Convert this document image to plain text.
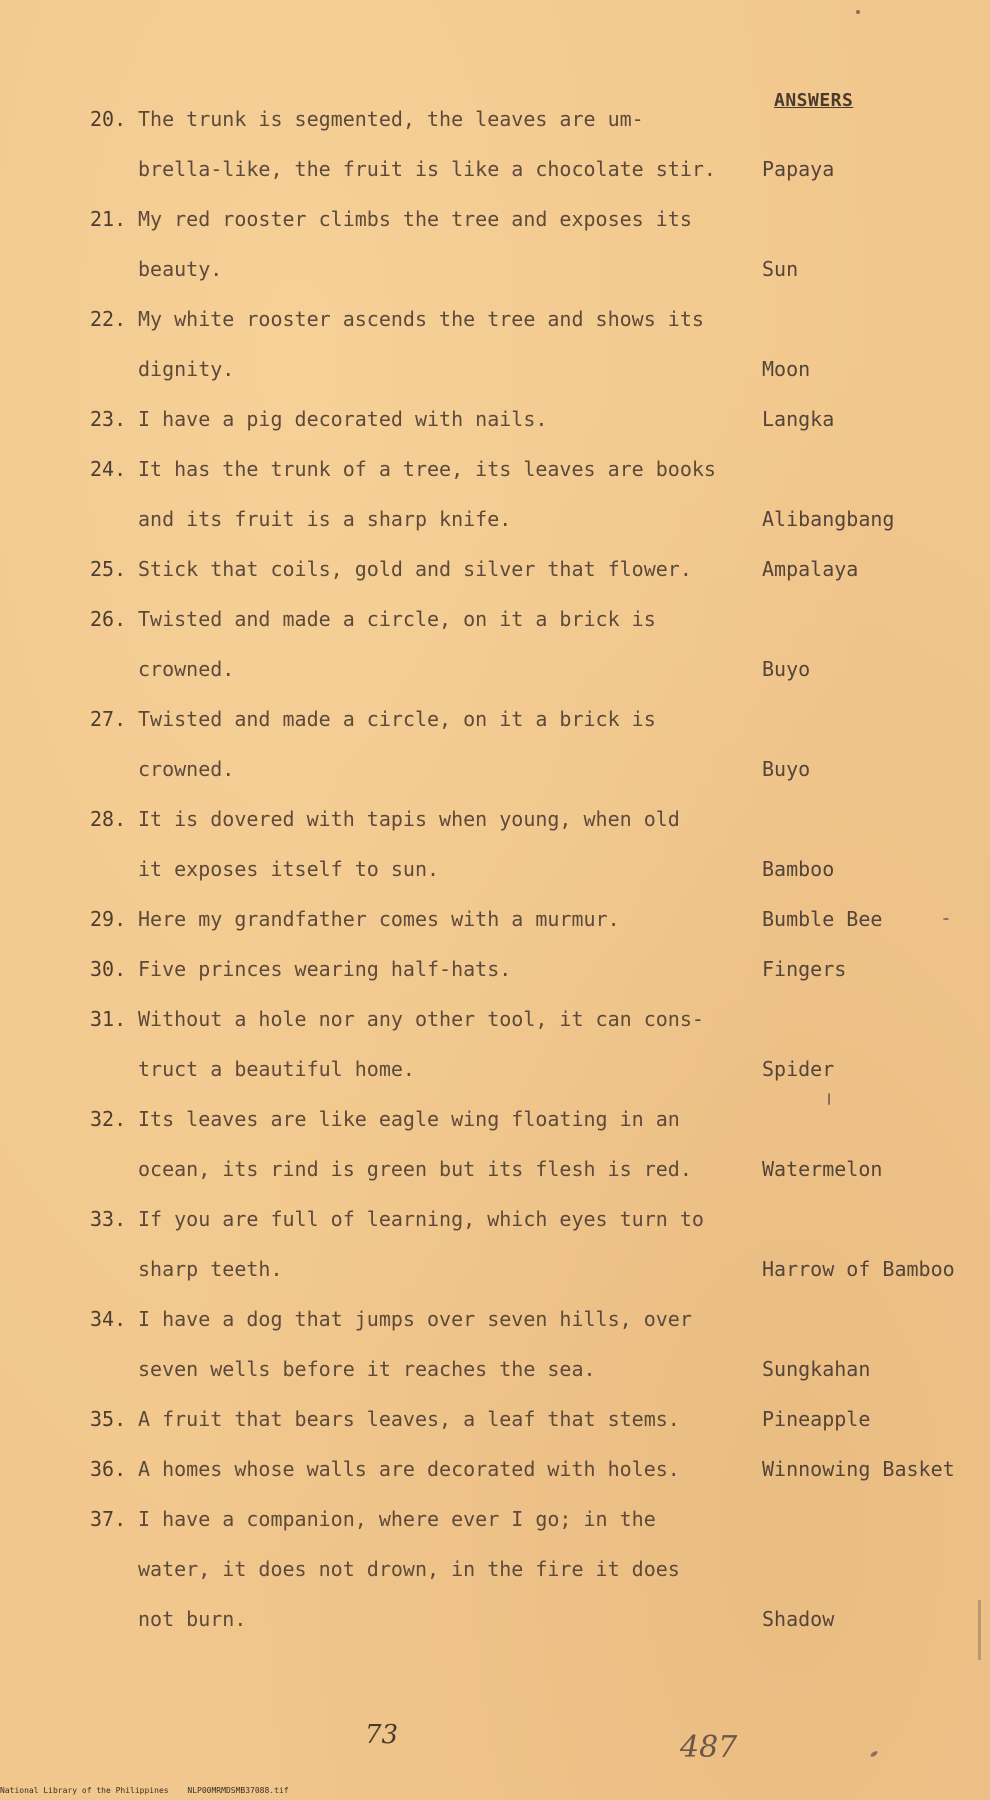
ANSWERS
20. The trunk is segmented, the leaves are um-
brella-like, the fruit is like a chocolate stir. Papaya
21. My red rooster climbs the tree and exposes its
beauty.	Sun
22. My white rooster ascends the tree and shows its
dignity.	Moon
23. I have a pig decorated with nails.	Langka
24. It has the trunk of a tree, its leaves are books
and its fruit is a sharp knife.	Alibangbang
25. Stick that coils, gold and silver that flower.	Ampalaya
26. Twisted and made a circle, on it a brick is
crowned.	Buyo
27. Twisted and made a circle, on it a brick is
crowned.	Buyo
28. It is dovered with tapis when young, when old
it exposes itself to sun.	Bamboo
29. Here my grandfather comes with a murmur.	Bumble Bee
30. Five princes wearing half-hats.	Fingers
31. Without a hole nor any other tool, it can cons-
truct a beautiful home.	Spider
32. Its leaves are like eagle wing floating in an
ocean, its rind is green but its flesh is red.	Watermelon
33. If you are full of learning, which eyes turn to
sharp teeth.	Harrow of Bamboo
34. I have a dog that jumps over seven hills, over
seven wells before it reaches the sea.	Sungkahan
35. A fruit that bears leaves, a leaf that stems.	Pineapple
36. A homes whose walls are decorated with holes.	Winnowing Basket
37. I have a companion, where ever I go; in the
water, it does not drown, in the fire it does
not burn.	Shadow
73	487
National Library of the Philippines NLP00MRMDSMB37088.tif
